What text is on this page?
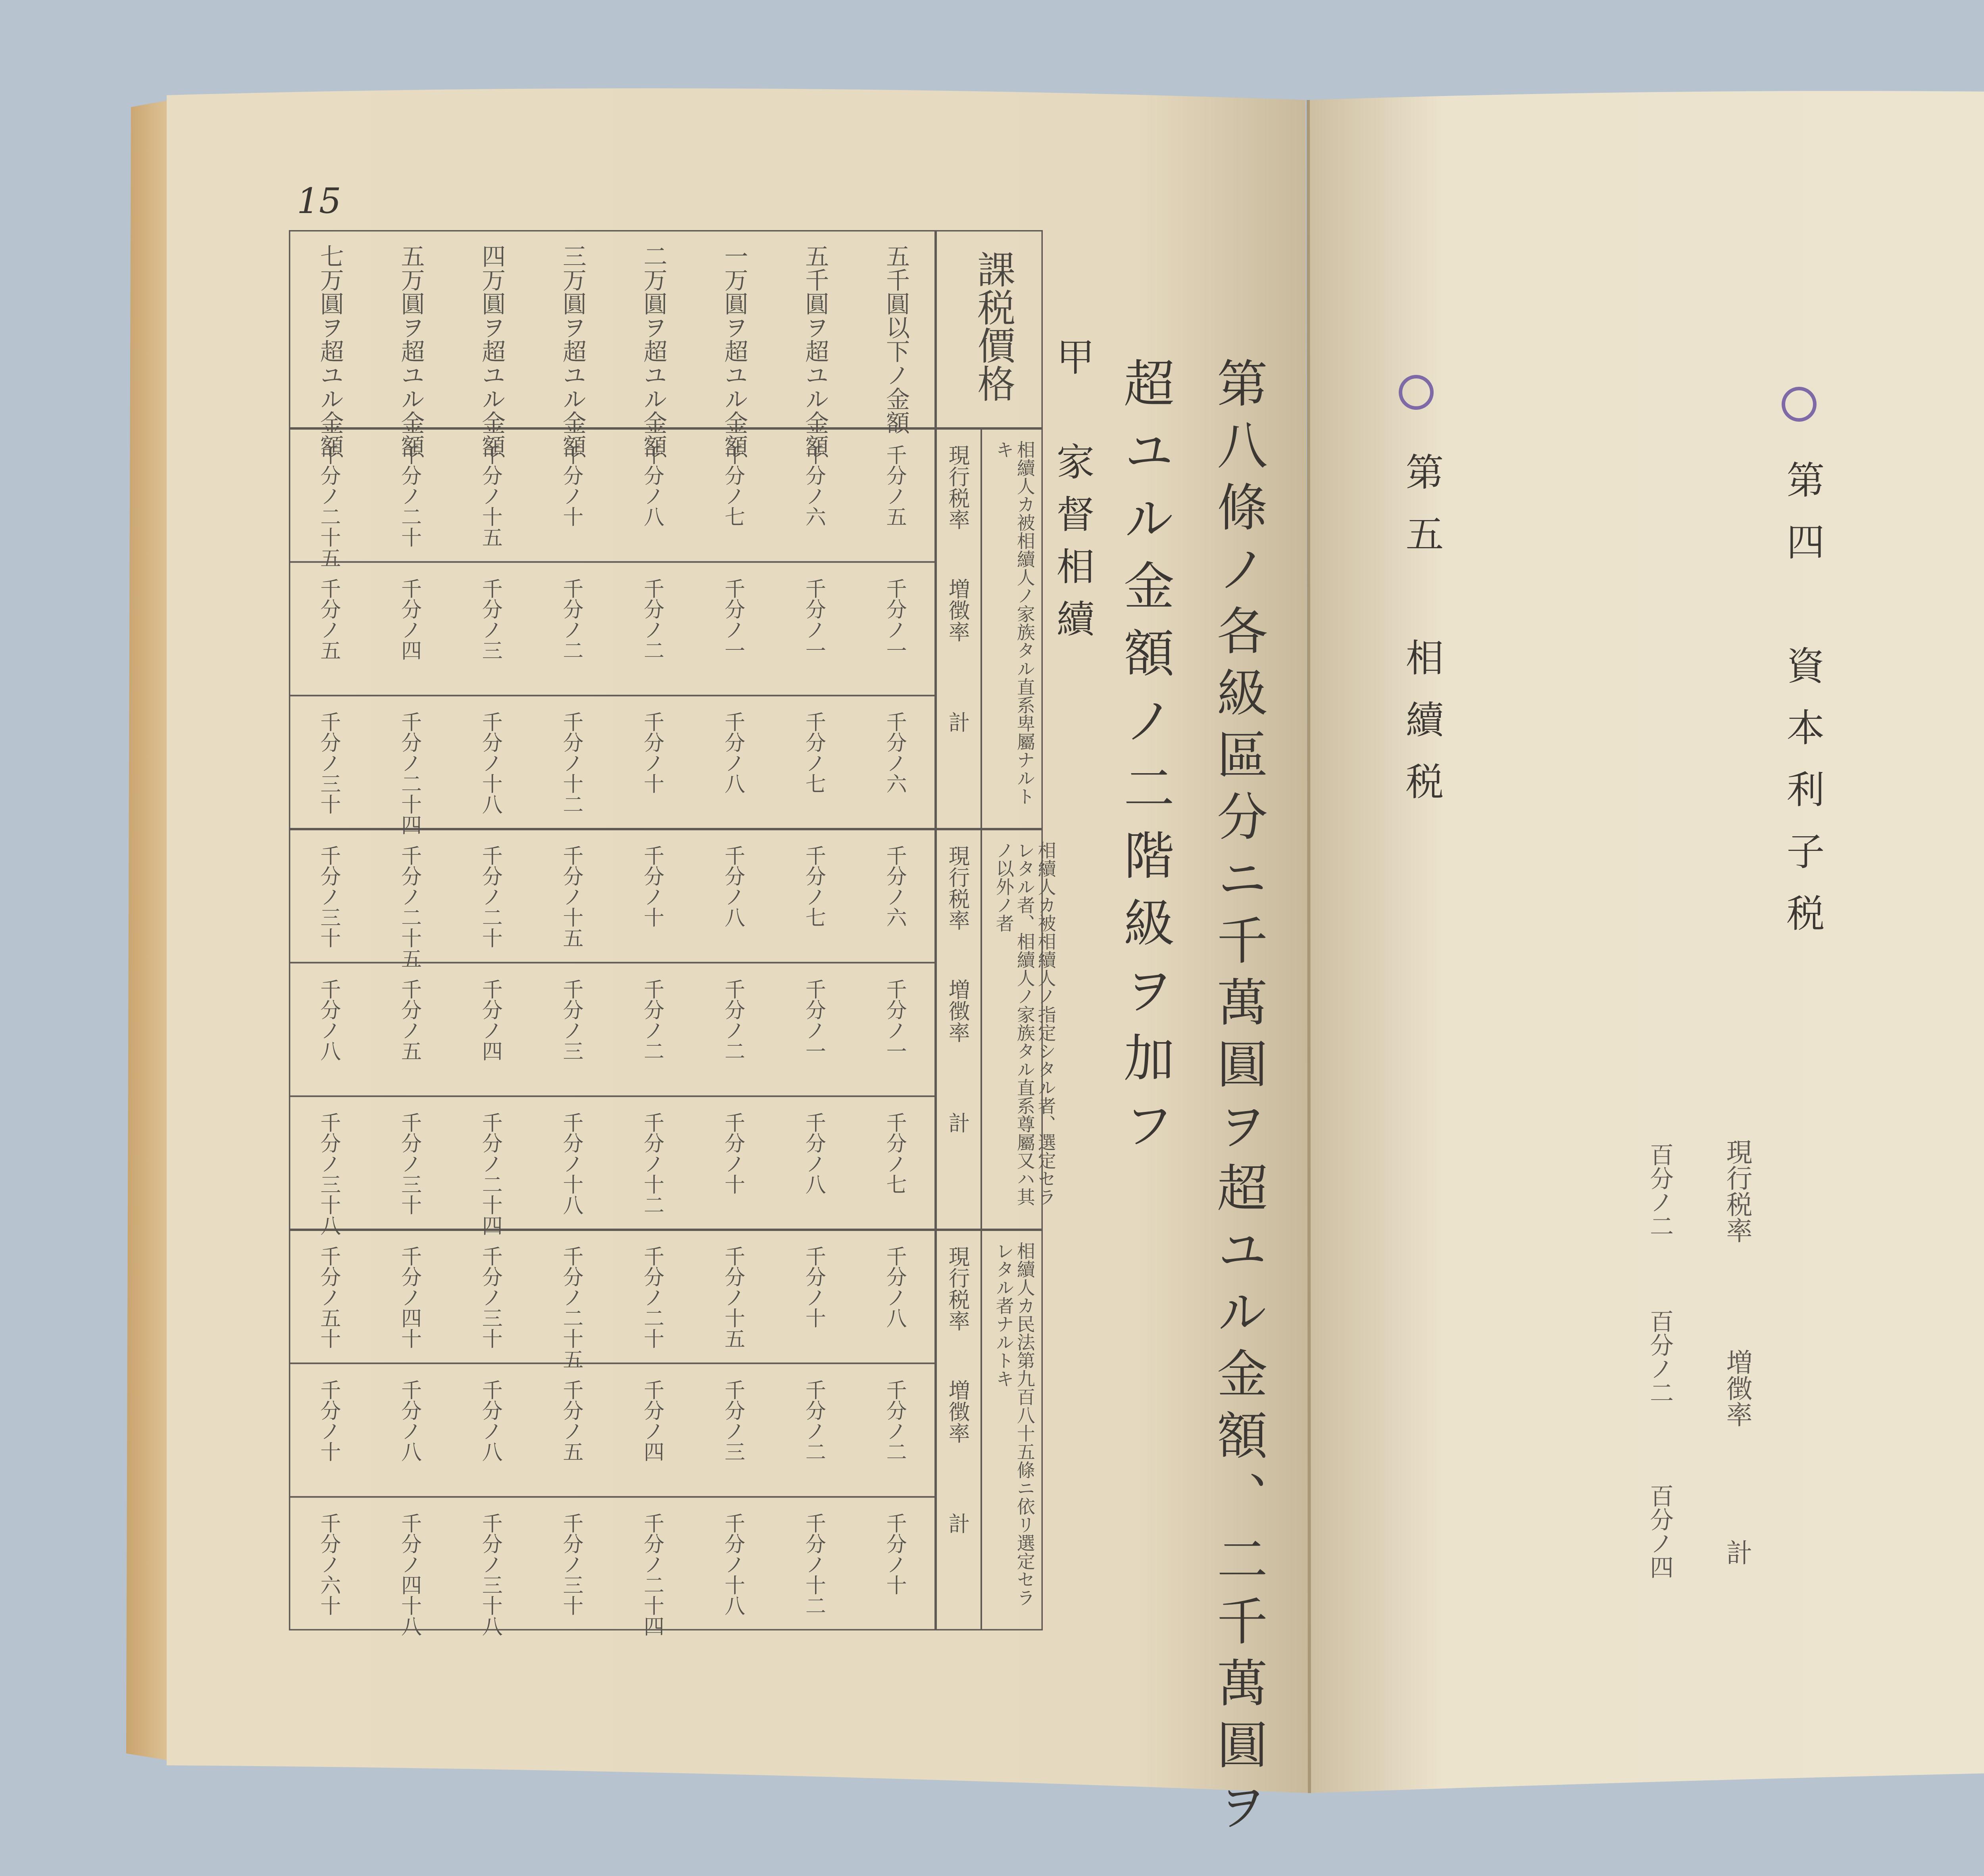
15
第八條ノ各級區分ニ千萬圓ヲ超ユル金額、二千萬圓ヲ
超ユル金額ノ二階級ヲ加フ
甲　家督相續
課税價格
五千圓以下ノ金額
五千圓ヲ超ユル金額
一万圓ヲ超ユル金額
二万圓ヲ超ユル金額
三万圓ヲ超ユル金額
四万圓ヲ超ユル金額
五万圓ヲ超ユル金額
七万圓ヲ超ユル金額
相續人カ被相續人ノ家族タル直系卑屬ナルトキ
現行税率
増徴率
計
千分ノ五
千分ノ一
千分ノ六
千分ノ六
千分ノ一
千分ノ七
千分ノ七
千分ノ一
千分ノ八
千分ノ八
千分ノ二
千分ノ十
千分ノ十
千分ノ二
千分ノ十二
千分ノ十五
千分ノ三
千分ノ十八
千分ノ二十
千分ノ四
千分ノ二十四
千分ノ二十五
千分ノ五
千分ノ三十
相續人カ被相續人ノ指定シタル者、選定セラレタル者、相續人ノ家族タル直系尊屬又ハ其ノ以外ノ者
現行税率
増徴率
計
千分ノ六
千分ノ一
千分ノ七
千分ノ七
千分ノ一
千分ノ八
千分ノ八
千分ノ二
千分ノ十
千分ノ十
千分ノ二
千分ノ十二
千分ノ十五
千分ノ三
千分ノ十八
千分ノ二十
千分ノ四
千分ノ二十四
千分ノ二十五
千分ノ五
千分ノ三十
千分ノ三十
千分ノ八
千分ノ三十八
相續人カ民法第九百八十五條ニ依リ選定セラレタル者ナルトキ
現行税率
増徴率
計
千分ノ八
千分ノ二
千分ノ十
千分ノ十
千分ノ二
千分ノ十二
千分ノ十五
千分ノ三
千分ノ十八
千分ノ二十
千分ノ四
千分ノ二十四
千分ノ二十五
千分ノ五
千分ノ三十
千分ノ三十
千分ノ八
千分ノ三十八
千分ノ四十
千分ノ八
千分ノ四十八
千分ノ五十
千分ノ十
千分ノ六十
第四　資本利子税
現行税率
増徴率
計
百分ノ二
百分ノ二
百分ノ四
第五　相續税
